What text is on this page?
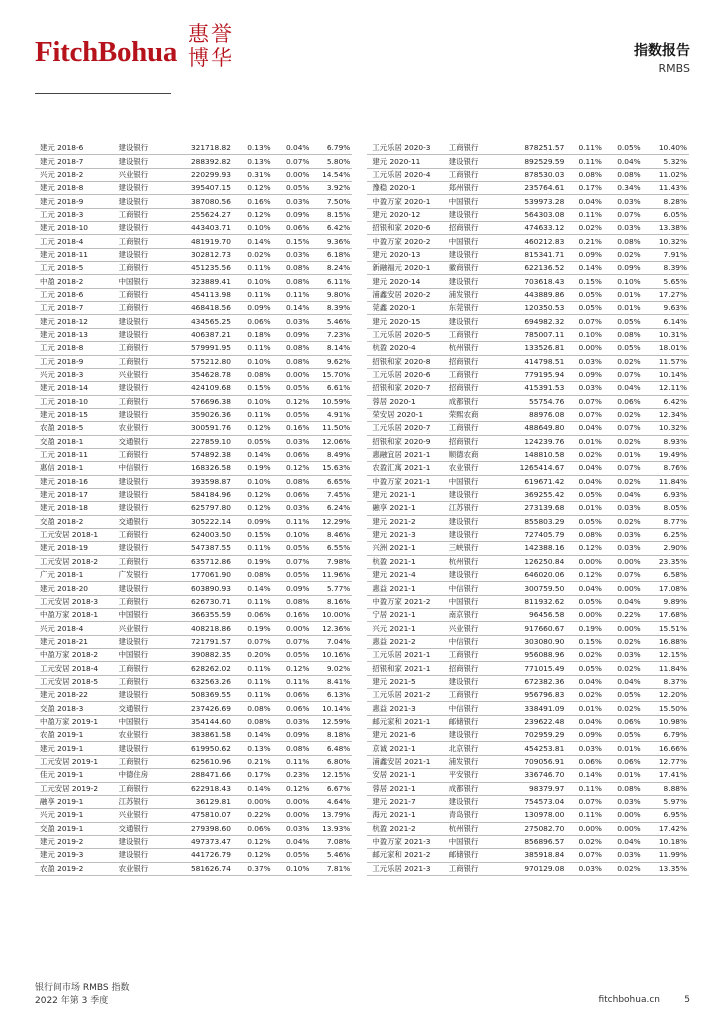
FitchBohua
惠誉博华	指数报告
RMBS
建元 2018-6	建设银行	321718.82	0.13%	0.04%	6.79%		工元乐居 2020-3	工商银行	878251.57	0.11%	0.05%	10.40%
建元 2018-7	建设银行	288392.82	0.13%	0.07%	5.80%		建元 2020-11	建设银行	892529.59	0.11%	0.04%	5.32%
兴元 2018-2	兴业银行	220299.93	0.31%	0.00%	14.54%		工元乐居 2020-4	工商银行	878530.03	0.08%	0.08%	11.02%
建元 2018-8	建设银行	395407.15	0.12%	0.05%	3.92%		豫稳 2020-1	郑州银行	235764.61	0.17%	0.34%	11.43%
建元 2018-9	建设银行	387080.56	0.16%	0.03%	7.50%		中盈万家 2020-1	中国银行	539973.28	0.04%	0.03%	8.28%
工元 2018-3	工商银行	255624.27	0.12%	0.09%	8.15%		建元 2020-12	建设银行	564303.08	0.11%	0.07%	6.05%
建元 2018-10	建设银行	443403.71	0.10%	0.06%	6.42%		招银和家 2020-6	招商银行	474633.12	0.02%	0.03%	13.38%
工元 2018-4	工商银行	481919.70	0.14%	0.15%	9.36%		中盈万家 2020-2	中国银行	460212.83	0.21%	0.08%	10.32%
建元 2018-11	建设银行	302812.73	0.02%	0.03%	6.18%		建元 2020-13	建设银行	815341.71	0.09%	0.02%	7.91%
工元 2018-5	工商银行	451235.56	0.11%	0.08%	8.24%		新融福元 2020-1	徽商银行	622136.52	0.14%	0.09%	8.39%
中盈 2018-2	中国银行	323889.41	0.10%	0.08%	6.11%		建元 2020-14	建设银行	703618.43	0.15%	0.10%	5.65%
工元 2018-6	工商银行	454113.98	0.11%	0.11%	9.80%		浦鑫安居 2020-2	浦发银行	443889.86	0.05%	0.01%	17.27%
工元 2018-7	工商银行	468418.56	0.09%	0.14%	8.39%		莞鑫 2020-1	东莞银行	120350.53	0.05%	0.01%	9.63%
建元 2018-12	建设银行	434565.25	0.06%	0.03%	5.46%		建元 2020-15	建设银行	694982.32	0.07%	0.05%	6.14%
建元 2018-13	建设银行	406387.21	0.18%	0.09%	7.23%		工元乐居 2020-5	工商银行	785007.11	0.10%	0.08%	10.31%
工元 2018-8	工商银行	579991.95	0.11%	0.08%	8.14%		杭盈 2020-4	杭州银行	133526.81	0.00%	0.05%	18.01%
工元 2018-9	工商银行	575212.80	0.10%	0.08%	9.62%		招银和家 2020-8	招商银行	414798.51	0.03%	0.02%	11.57%
兴元 2018-3	兴业银行	354628.78	0.08%	0.00%	15.70%		工元乐居 2020-6	工商银行	779195.94	0.09%	0.07%	10.14%
建元 2018-14	建设银行	424109.68	0.15%	0.05%	6.61%		招银和家 2020-7	招商银行	415391.53	0.03%	0.04%	12.11%
工元 2018-10	工商银行	576696.38	0.10%	0.12%	10.59%		蓉居 2020-1	成都银行	55754.76	0.07%	0.06%	6.42%
建元 2018-15	建设银行	359026.36	0.11%	0.05%	4.91%		荣安居 2020-1	荣熙农商	88976.08	0.07%	0.02%	12.34%
农盈 2018-5	农业银行	300591.76	0.12%	0.16%	11.50%		工元乐居 2020-7	工商银行	488649.80	0.04%	0.07%	10.32%
交盈 2018-1	交通银行	227859.10	0.05%	0.03%	12.06%		招银和家 2020-9	招商银行	124239.76	0.01%	0.02%	8.93%
工元 2018-11	工商银行	574892.38	0.14%	0.06%	8.49%		惠融宜居 2021-1	顺德农商	148810.58	0.02%	0.01%	19.49%
惠信 2018-1	中信银行	168326.58	0.19%	0.12%	15.63%		农盈汇寓 2021-1	农业银行	1265414.67	0.04%	0.07%	8.76%
建元 2018-16	建设银行	393598.87	0.10%	0.08%	6.65%		中盈万家 2021-1	中国银行	619671.42	0.04%	0.02%	11.84%
建元 2018-17	建设银行	584184.96	0.12%	0.06%	7.45%		建元 2021-1	建设银行	369255.42	0.05%	0.04%	6.93%
建元 2018-18	建设银行	625797.80	0.12%	0.03%	6.24%		融享 2021-1	江苏银行	273139.68	0.01%	0.03%	8.05%
交盈 2018-2	交通银行	305222.14	0.09%	0.11%	12.29%		建元 2021-2	建设银行	855803.29	0.05%	0.02%	8.77%
工元安居 2018-1	工商银行	624003.50	0.15%	0.10%	8.46%		建元 2021-3	建设银行	727405.79	0.08%	0.03%	6.25%
建元 2018-19	建设银行	547387.55	0.11%	0.05%	6.55%		兴洲 2021-1	三峡银行	142388.16	0.12%	0.03%	2.90%
工元安居 2018-2	工商银行	635712.86	0.19%	0.07%	7.98%		杭盈 2021-1	杭州银行	126250.84	0.00%	0.00%	23.35%
广元 2018-1	广发银行	177061.90	0.08%	0.05%	11.96%		建元 2021-4	建设银行	646020.06	0.12%	0.07%	6.58%
建元 2018-20	建设银行	603890.93	0.14%	0.09%	5.77%		惠益 2021-1	中信银行	300759.50	0.04%	0.00%	17.08%
工元安居 2018-3	工商银行	626730.71	0.11%	0.08%	8.16%		中盈万家 2021-2	中国银行	811932.62	0.05%	0.04%	9.89%
中盈万家 2018-1	中国银行	366355.59	0.06%	0.16%	10.00%		宁居 2021-1	南京银行	96456.58	0.00%	0.22%	17.68%
兴元 2018-4	兴业银行	408218.86	0.19%	0.00%	12.36%		兴元 2021-1	兴业银行	917660.67	0.19%	0.00%	15.51%
建元 2018-21	建设银行	721791.57	0.07%	0.07%	7.04%		惠益 2021-2	中信银行	303080.90	0.15%	0.02%	16.88%
中盈万家 2018-2	中国银行	390882.35	0.20%	0.05%	10.16%		工元乐居 2021-1	工商银行	956088.96	0.02%	0.03%	12.15%
工元安居 2018-4	工商银行	628262.02	0.11%	0.12%	9.02%		招银和家 2021-1	招商银行	771015.49	0.05%	0.02%	11.84%
工元安居 2018-5	工商银行	632563.26	0.11%	0.11%	8.41%		建元 2021-5	建设银行	672382.36	0.04%	0.04%	8.37%
建元 2018-22	建设银行	508369.55	0.11%	0.06%	6.13%		工元乐居 2021-2	工商银行	956796.83	0.02%	0.05%	12.20%
交盈 2018-3	交通银行	237426.69	0.08%	0.06%	10.14%		惠益 2021-3	中信银行	338491.09	0.01%	0.02%	15.50%
中盈万家 2019-1	中国银行	354144.60	0.08%	0.03%	12.59%		邮元家和 2021-1	邮储银行	239622.48	0.04%	0.06%	10.98%
农盈 2019-1	农业银行	383861.58	0.14%	0.09%	8.18%		建元 2021-6	建设银行	702959.29	0.09%	0.05%	6.79%
建元 2019-1	建设银行	619950.62	0.13%	0.08%	6.48%		京诚 2021-1	北京银行	454253.81	0.03%	0.01%	16.66%
工元安居 2019-1	工商银行	625610.96	0.21%	0.11%	6.80%		浦鑫安居 2021-1	浦发银行	709056.91	0.06%	0.06%	12.77%
佳元 2019-1	中德住房	288471.66	0.17%	0.23%	12.15%		安居 2021-1	平安银行	336746.70	0.14%	0.01%	17.41%
工元安居 2019-2	工商银行	622918.43	0.14%	0.12%	6.67%		蓉居 2021-1	成都银行	98379.97	0.11%	0.08%	8.88%
融享 2019-1	江苏银行	36129.81	0.00%	0.00%	4.64%		建元 2021-7	建设银行	754573.04	0.07%	0.03%	5.97%
兴元 2019-1	兴业银行	475810.07	0.22%	0.00%	13.79%		海元 2021-1	青岛银行	130978.00	0.11%	0.00%	6.95%
交盈 2019-1	交通银行	279398.60	0.06%	0.03%	13.93%		杭盈 2021-2	杭州银行	275082.70	0.00%	0.00%	17.42%
建元 2019-2	建设银行	497373.47	0.12%	0.04%	7.08%		中盈万家 2021-3	中国银行	856896.57	0.02%	0.04%	10.18%
建元 2019-3	建设银行	441726.79	0.12%	0.05%	5.46%		邮元家和 2021-2	邮储银行	385918.84	0.07%	0.03%	11.99%
农盈 2019-2	农业银行	581626.74	0.37%	0.10%	7.81%		工元乐居 2021-3	工商银行	970129.08	0.03%	0.02%	13.35%
银行间市场 RMBS 指数
2022 年第 3 季度	fitchbohua.cn	5
